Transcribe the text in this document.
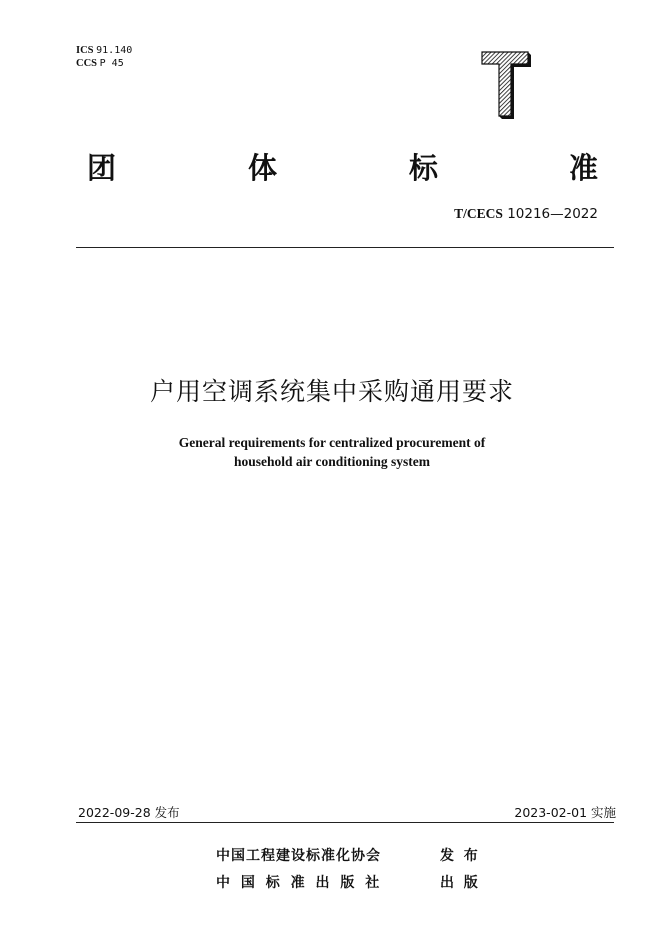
ICS 91.140
CCS P 45
T
团	体	标	准
T/CECS 10216—2022
户用空调系统集中采购通用要求
General requirements for centralized procurement of
household air conditioning system
2022-09-28 发布	2023-02-01 实施
中国工程建设标准化协会	发  布
中 国 标 准 出 版 社	出  版
